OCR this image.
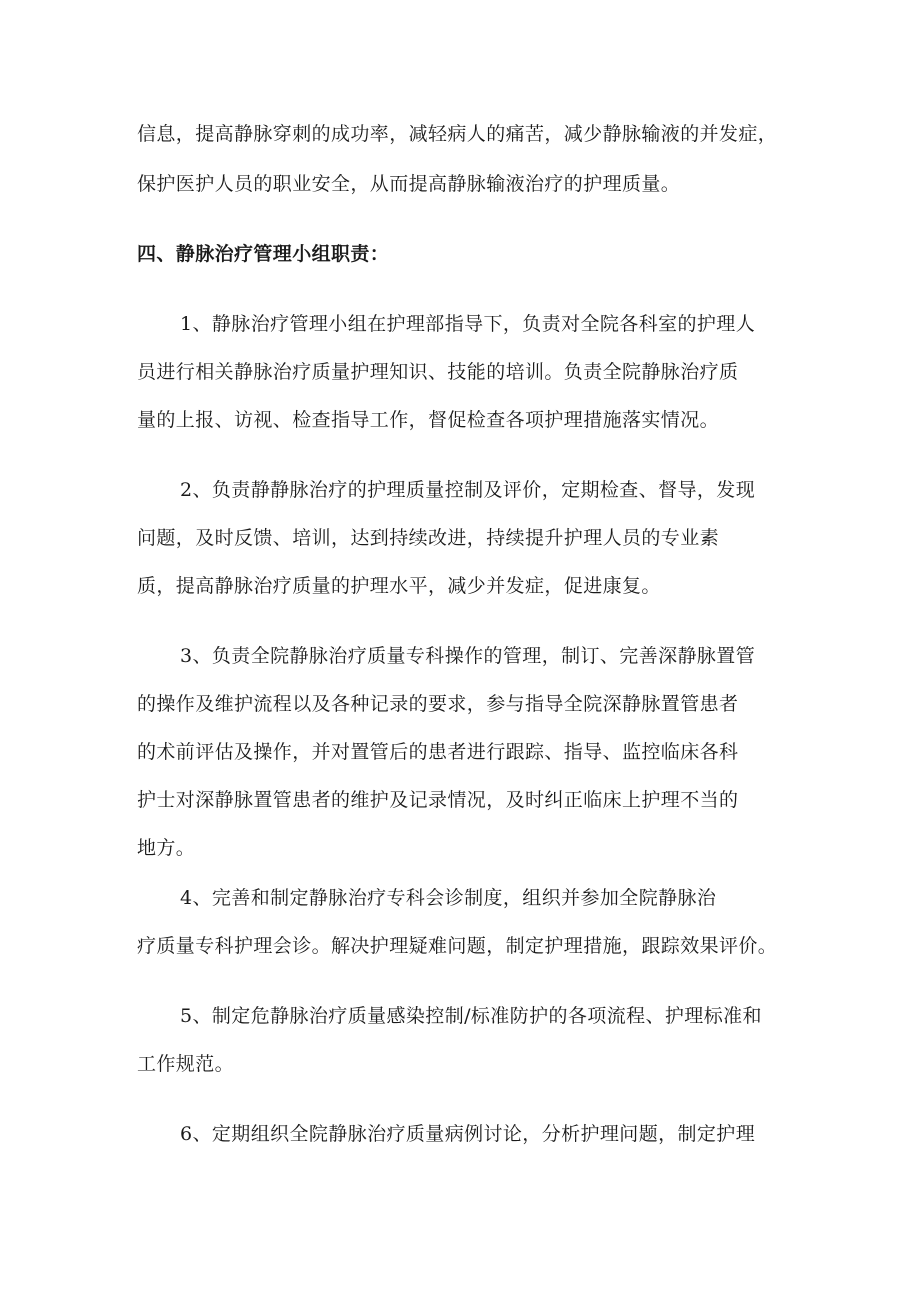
信息，提高静脉穿刺的成功率，减轻病人的痛苦，减少静脉输液的并发症，
保护医护人员的职业安全，从而提高静脉输液治疗的护理质量。
四、静脉治疗管理小组职责：
1、静脉治疗管理小组在护理部指导下，负责对全院各科室的护理人
员进行相关静脉治疗质量护理知识、技能的培训。负责全院静脉治疗质
量的上报、访视、检查指导工作，督促检查各项护理措施落实情况。
2、负责静静脉治疗的护理质量控制及评价，定期检查、督导，发现
问题，及时反馈、培训，达到持续改进，持续提升护理人员的专业素
质，提高静脉治疗质量的护理水平，减少并发症，促进康复。
3、负责全院静脉治疗质量专科操作的管理，制订、完善深静脉置管
的操作及维护流程以及各种记录的要求，参与指导全院深静脉置管患者
的术前评估及操作，并对置管后的患者进行跟踪、指导、监控临床各科
护士对深静脉置管患者的维护及记录情况，及时纠正临床上护理不当的
地方。
4、完善和制定静脉治疗专科会诊制度，组织并参加全院静脉治
疗质量专科护理会诊。解决护理疑难问题，制定护理措施，跟踪效果评价。
5、制定危静脉治疗质量感染控制/标准防护的各项流程、护理标准和
工作规范。
6、定期组织全院静脉治疗质量病例讨论，分析护理问题，制定护理
